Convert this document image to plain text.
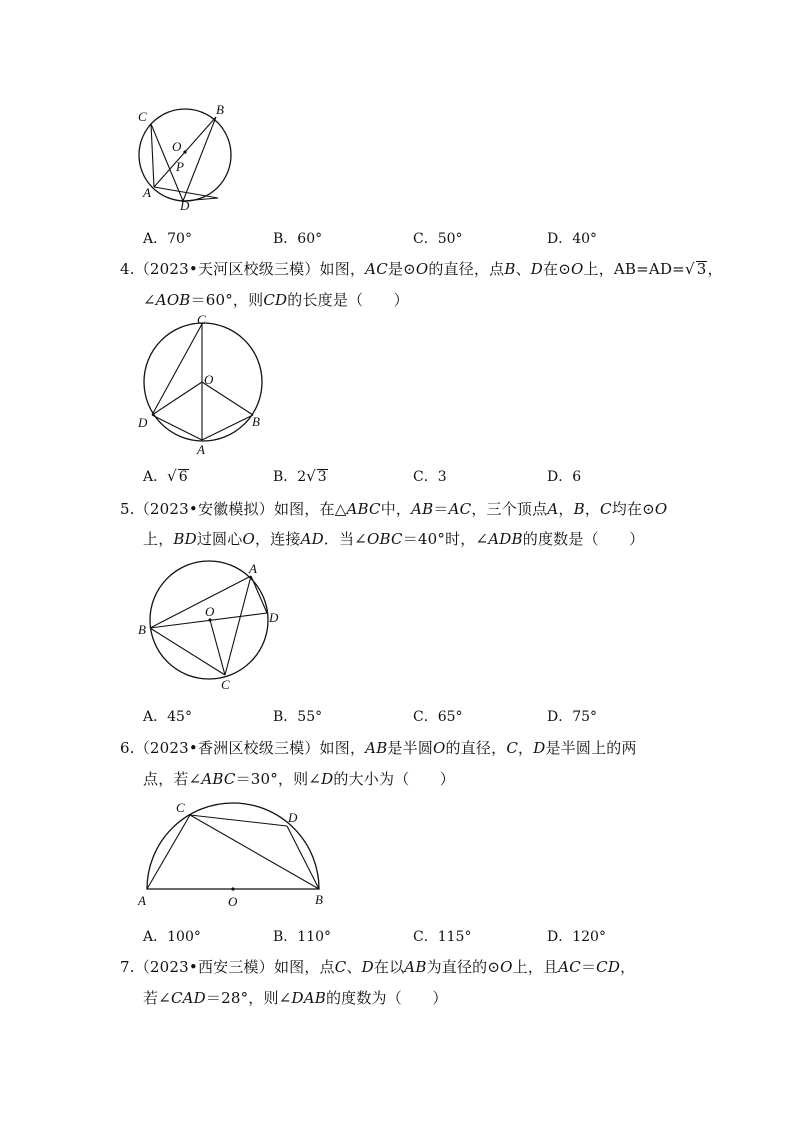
C	B
O
P
A
D
A．70°	B．60°	C．50°	D．40°
4.（2023•天河区校级三模）如图，AC是⊙O的直径，点B、D在⊙O上，AB=AD=√ 3，
∠AOB＝60°，则CD的长度是（　　）
C
O
D	B
A
A．√ 6	B．2√ 3	C．3	D．6
5.（2023•安徽模拟）如图，在△ABC中，AB＝AC，三个顶点A，B，C均在⊙O
上，BD过圆心O，连接AD．当∠OBC＝40°时，∠ADB的度数是（　　）
A
O	D
B
C
A．45°	B．55°	C．65°	D．75°
6.（2023•香洲区校级三模）如图，AB是半圆O的直径，C，D是半圆上的两
点，若∠ABC＝30°，则∠D的大小为（　　）
C
D
A	O	B
A．100°	B．110°	C．115°	D．120°
7.（2023•西安三模）如图，点C、D在以AB为直径的⊙O上，且AC＝CD，
若∠CAD＝28°，则∠DAB的度数为（　　）
